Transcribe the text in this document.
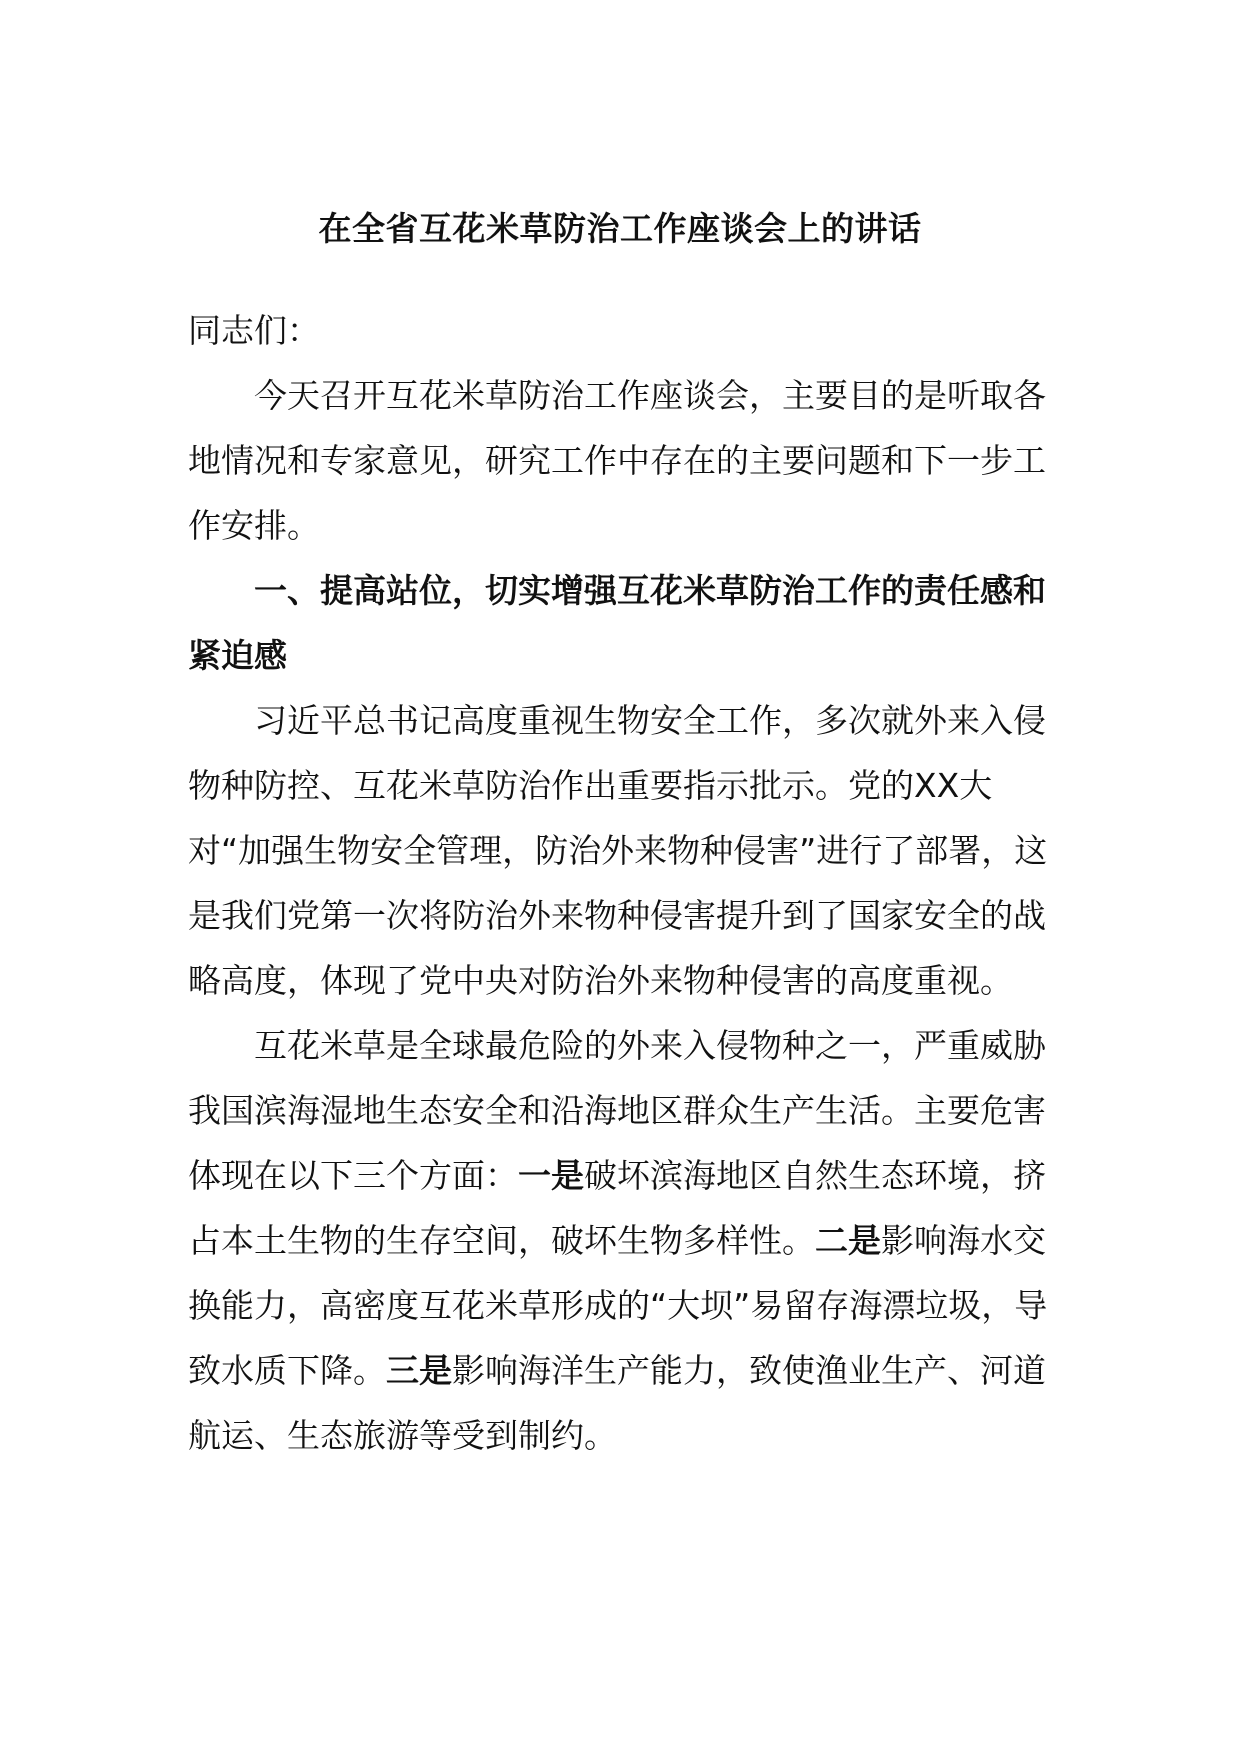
在全省互花米草防治工作座谈会上的讲话

同志们：

今天召开互花米草防治工作座谈会，主要目的是听取各地情况和专家意见，研究工作中存在的主要问题和下一步工作安排。

一、提高站位，切实增强互花米草防治工作的责任感和紧迫感

习近平总书记高度重视生物安全工作，多次就外来入侵物种防控、互花米草防治作出重要指示批示。党的XX大对“加强生物安全管理，防治外来物种侵害”进行了部署，这是我们党第一次将防治外来物种侵害提升到了国家安全的战略高度，体现了党中央对防治外来物种侵害的高度重视。

互花米草是全球最危险的外来入侵物种之一，严重威胁我国滨海湿地生态安全和沿海地区群众生产生活。主要危害体现在以下三个方面：一是破坏滨海地区自然生态环境，挤占本土生物的生存空间，破坏生物多样性。二是影响海水交换能力，高密度互花米草形成的“大坝”易留存海漂垃圾，导致水质下降。三是影响海洋生产能力，致使渔业生产、河道航运、生态旅游等受到制约。
